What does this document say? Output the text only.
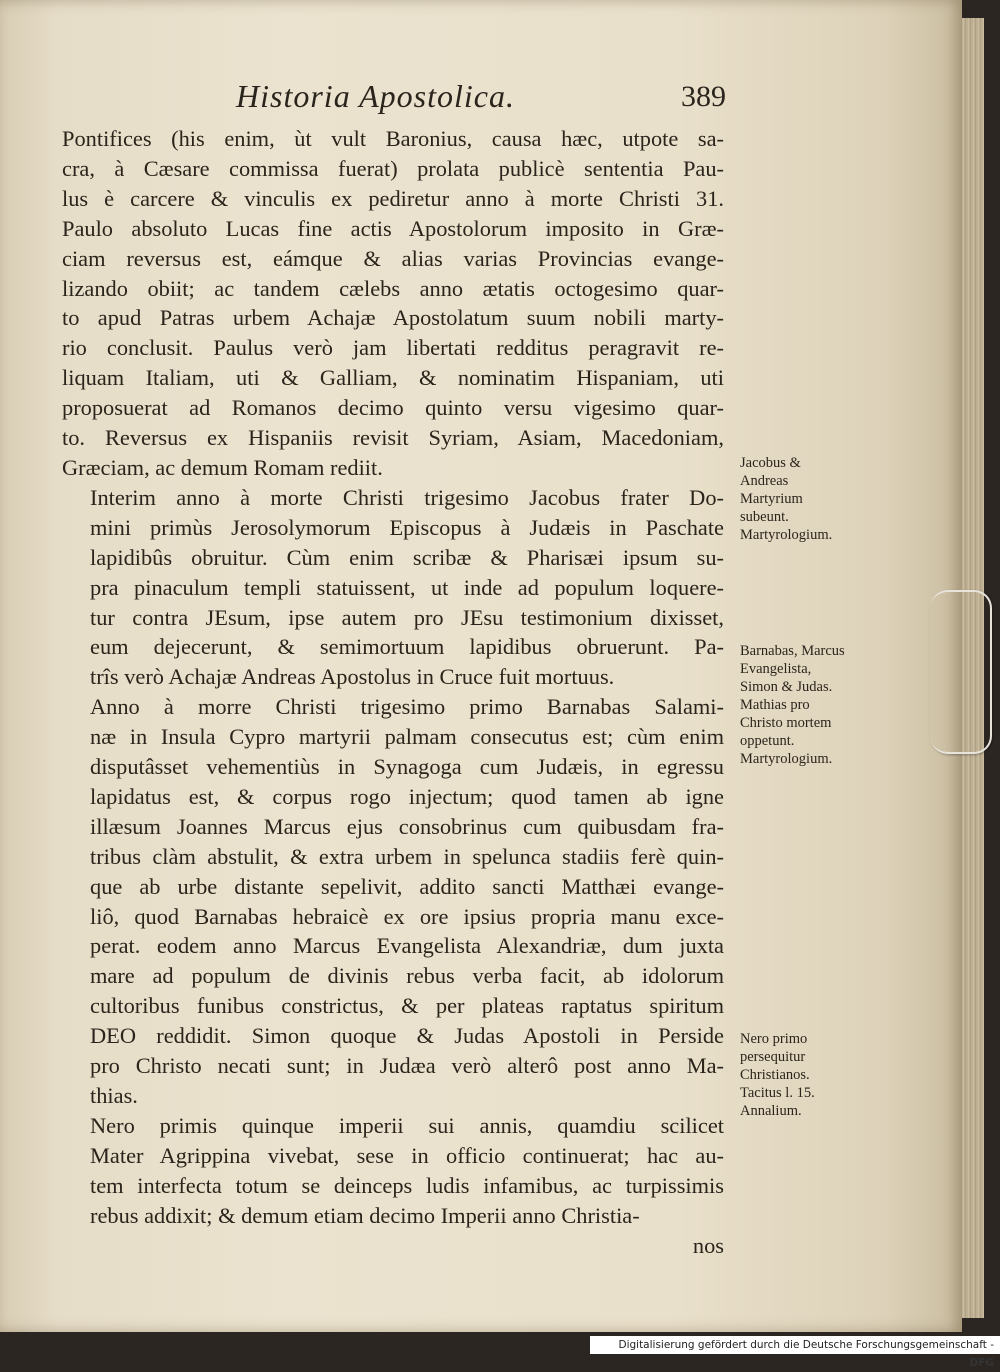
Historia Apostolica.	389

Pontifices (his enim, ùt vult Baronius, causa hæc, utpote sa-
cra, à Cæsare commissa fuerat) prolata publicè sententia Pau-
lus è carcere & vinculis ex pediretur anno à morte Christi 31.
Paulo absoluto Lucas fine actis Apostolorum imposito in Græ-
ciam reversus est, eámque & alias varias Provincias evange-
lizando obiit; ac tandem cælebs anno ætatis octogesimo quar-
to apud Patras urbem Achajæ Apostolatum suum nobili marty-
rio conclusit. Paulus verò jam libertati redditus peragravit re-
liquam Italiam, uti & Galliam, & nominatim Hispaniam, uti
proposuerat ad Romanos decimo quinto versu vigesimo quar-
to. Reversus ex Hispaniis revisit Syriam, Asiam, Macedoniam,
Græciam, ac demum Romam rediit.

Interim anno à morte Christi trigesimo Jacobus frater Do-
mini primùs Jerosolymorum Episcopus à Judæis in Paschate
lapidibûs obruitur. Cùm enim scribæ & Pharisæi ipsum su-
pra pinaculum templi statuissent, ut inde ad populum loquere-
tur contra JEsum, ipse autem pro JEsu testimonium dixisset,
eum dejecerunt, & semimortuum lapidibus obruerunt. Pa-
trîs verò Achajæ Andreas Apostolus in Cruce fuit mortuus.

Anno à morre Christi trigesimo primo Barnabas Salami-
næ in Insula Cypro martyrii palmam consecutus est; cùm enim
disputâsset vehementiùs in Synagoga cum Judæis, in egressu
lapidatus est, & corpus rogo injectum; quod tamen ab igne
illæsum Joannes Marcus ejus consobrinus cum quibusdam fra-
tribus clàm abstulit, & extra urbem in spelunca stadiis ferè quin-
que ab urbe distante sepelivit, addito sancti Matthæi evange-
liô, quod Barnabas hebraicè ex ore ipsius propria manu exce-
perat. eodem anno Marcus Evangelista Alexandriæ, dum juxta
mare ad populum de divinis rebus verba facit, ab idolorum
cultoribus funibus constrictus, & per plateas raptatus spiritum
DEO reddidit. Simon quoque & Judas Apostoli in Perside
pro Christo necati sunt; in Judæa verò alterô post anno Ma-
thias.

Nero primis quinque imperii sui annis, quamdiu scilicet
Mater Agrippina vivebat, sese in officio continuerat; hac au-
tem interfecta totum se deinceps ludis infamibus, ac turpissimis
rebus addixit; & demum etiam decimo Imperii anno Christia-

nos
Jacobus & Andreas Martyrium subeunt. Martyrologium.
Barnabas, Marcus Evangelista, Simon & Judas. Mathias pro Christo mortem oppetunt. Martyrologium.
Nero primo persequitur Christianos. Tacitus l. 15. Annalium.
Digitalisierung gefördert durch die Deutsche Forschungsgemeinschaft -DFG
